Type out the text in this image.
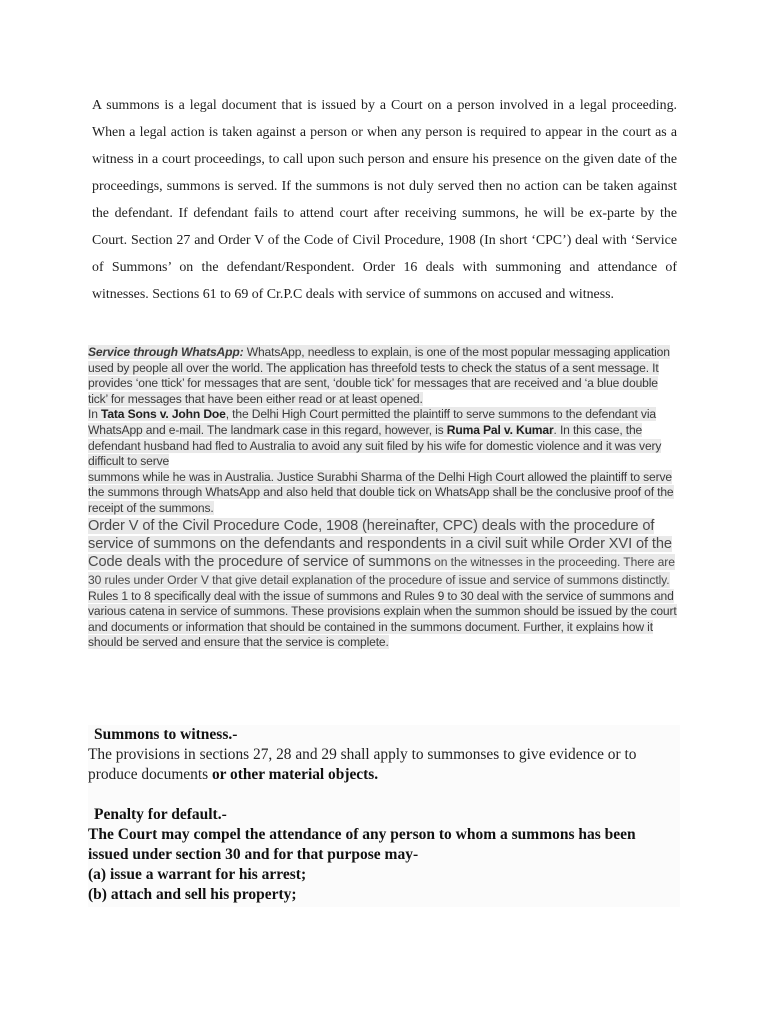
A summons is a legal document that is issued by a Court on a person involved in a legal proceeding. When a legal action is taken against a person or when any person is required to appear in the court as a witness in a court proceedings, to call upon such person and ensure his presence on the given date of the proceedings, summons is served. If the summons is not duly served then no action can be taken against the defendant. If defendant fails to attend court after receiving summons, he will be ex-parte by the Court. Section 27 and Order V of the Code of Civil Procedure, 1908 (In short ‘CPC’) deal with ‘Service of Summons’ on the defendant/Respondent. Order 16 deals with summoning and attendance of witnesses. Sections 61 to 69 of Cr.P.C deals with service of summons on accused and witness.

Service through WhatsApp: WhatsApp, needless to explain, is one of the most popular messaging application used by people all over the world. The application has threefold tests to check the status of a sent message. It provides ‘one ttick’ for messages that are sent, ‘double tick’ for messages that are received and ‘a blue double tick’ for messages that have been either read or at least opened.

In Tata Sons v. John Doe, the Delhi High Court permitted the plaintiff to serve summons to the defendant via WhatsApp and e-mail. The landmark case in this regard, however, is Ruma Pal v. Kumar. In this case, the defendant husband had fled to Australia to avoid any suit filed by his wife for domestic violence and it was very difficult to serve

summons while he was in Australia. Justice Surabhi Sharma of the Delhi High Court allowed the plaintiff to serve the summons through WhatsApp and also held that double tick on WhatsApp shall be the conclusive proof of the receipt of the summons.

Order V of the Civil Procedure Code, 1908 (hereinafter, CPC) deals with the procedure of service of summons on the defendants and respondents in a civil suit while Order XVI of the Code deals with the procedure of service of summons on the witnesses in the proceeding. There are 30 rules under Order V that give detail explanation of the procedure of issue and service of summons distinctly.

Rules 1 to 8 specifically deal with the issue of summons and Rules 9 to 30 deal with the service of summons and various catena in service of summons. These provisions explain when the summon should be issued by the court and documents or information that should be contained in the summons document. Further, it explains how it should be served and ensure that the service is complete.

Summons to witness.-

The provisions in sections 27, 28 and 29 shall apply to summonses to give evidence or to produce documents or other material objects.

Penalty for default.-

The Court may compel the attendance of any person to whom a summons has been issued under section 30 and for that purpose may-

(a) issue a warrant for his arrest;

(b) attach and sell his property;
